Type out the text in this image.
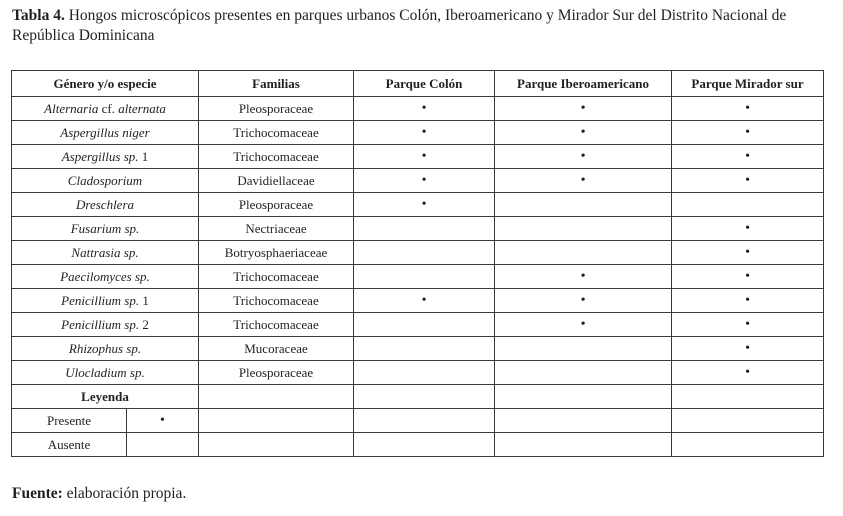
Tabla 4. Hongos microscópicos presentes en parques urbanos Colón, Iberoamericano y Mirador Sur del Distrito Nacional de República Dominicana
Género y/o especie		Familias	Parque Colón	Parque Iberoamericano	Parque Mirador sur
Alternaria cf. alternata		Pleosporaceae	•	•	•
Aspergillus niger		Trichocomaceae	•	•	•
Aspergillus sp. 1		Trichocomaceae	•	•	•
Cladosporium		Davidiellaceae	•	•	•
Dreschlera		Pleosporaceae	•		
Fusarium sp.		Nectriaceae			•
Nattrasia sp.		Botryosphaeriaceae			•
Paecilomyces sp.		Trichocomaceae		•	•
Penicillium sp. 1		Trichocomaceae	•	•	•
Penicillium sp. 2		Trichocomaceae		•	•
Rhizophus sp.		Mucoraceae			•
Ulocladium sp.		Pleosporaceae			•
Leyenda					
Presente	•				
Ausente					
Fuente: elaboración propia.
